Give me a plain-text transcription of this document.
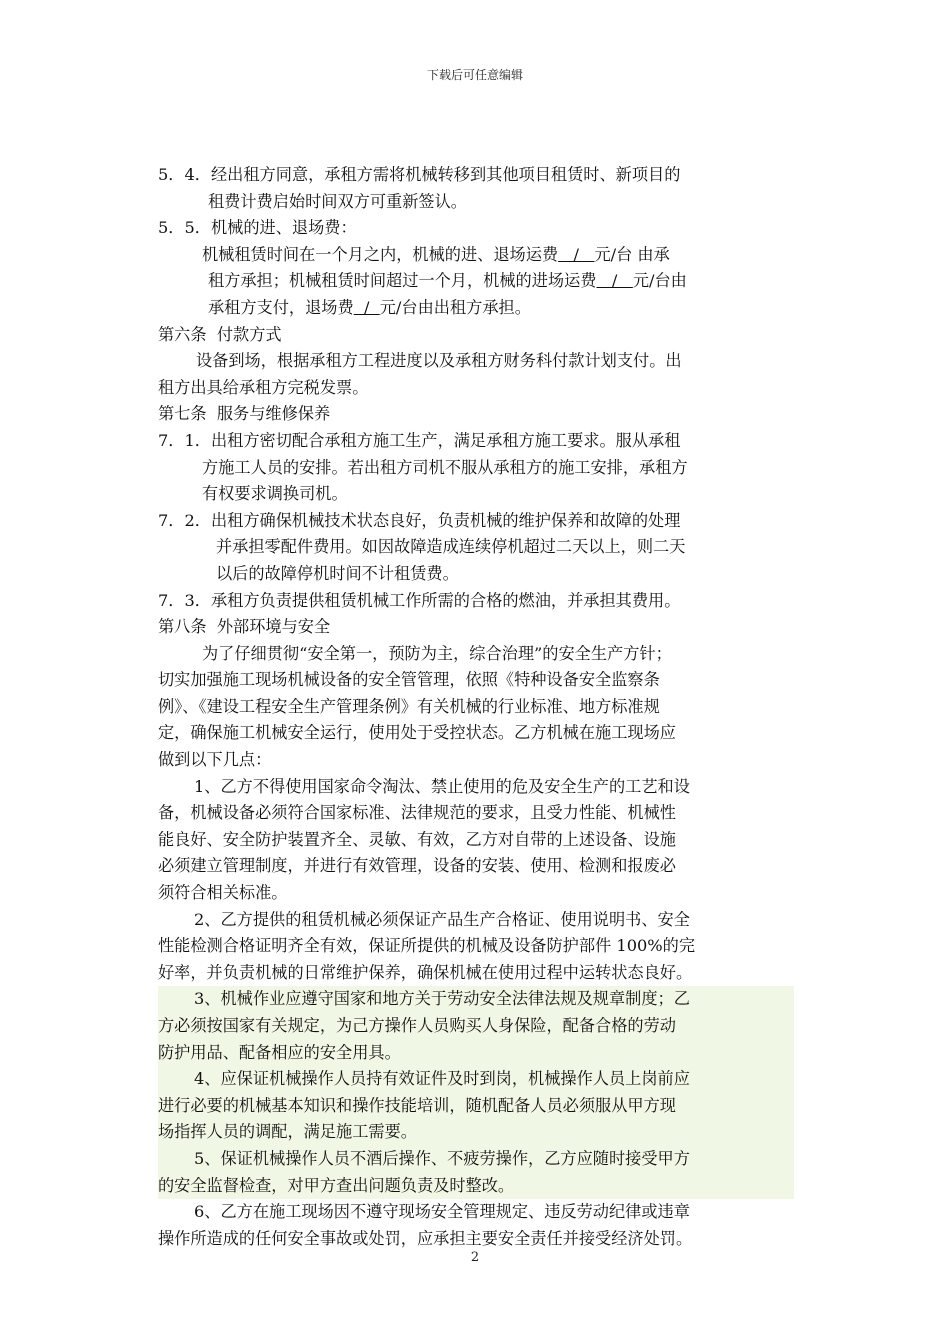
下载后可任意编辑
5．4．经出租方同意，承租方需将机械转移到其他项目租赁时、新项目的
租费计费启始时间双方可重新签认。
5．5．机械的进、退场费：
机械租赁时间在一个月之内，机械的进、退场运费   /   元/台 由承
租方承担；机械租赁时间超过一个月，机械的进场运费   /   元/台由
承租方支付，退场费  /  元/台由出租方承担。
第六条  付款方式
设备到场，根据承租方工程进度以及承租方财务科付款计划支付。出
租方出具给承租方完税发票。
第七条  服务与维修保养
7．1．出租方密切配合承租方施工生产，满足承租方施工要求。服从承租
方施工人员的安排。若出租方司机不服从承租方的施工安排，承租方
有权要求调换司机。
7．2．出租方确保机械技术状态良好，负责机械的维护保养和故障的处理
并承担零配件费用。如因故障造成连续停机超过二天以上，则二天
以后的故障停机时间不计租赁费。
7．3．承租方负责提供租赁机械工作所需的合格的燃油，并承担其费用。
第八条  外部环境与安全
为了仔细贯彻“安全第一，预防为主，综合治理”的安全生产方针；
切实加强施工现场机械设备的安全管管理，依照《特种设备安全监察条
例》、《建设工程安全生产管理条例》有关机械的行业标准、地方标准规
定，确保施工机械安全运行，使用处于受控状态。乙方机械在施工现场应
做到以下几点：
1、乙方不得使用国家命令淘汰、禁止使用的危及安全生产的工艺和设
备，机械设备必须符合国家标准、法律规范的要求，且受力性能、机械性
能良好、安全防护装置齐全、灵敏、有效，乙方对自带的上述设备、设施
必须建立管理制度，并进行有效管理，设备的安装、使用、检测和报废必
须符合相关标准。
2、乙方提供的租赁机械必须保证产品生产合格证、使用说明书、安全
性能检测合格证明齐全有效，保证所提供的机械及设备防护部件 100%的完
好率，并负责机械的日常维护保养，确保机械在使用过程中运转状态良好。
3、机械作业应遵守国家和地方关于劳动安全法律法规及规章制度；乙
方必须按国家有关规定，为己方操作人员购买人身保险，配备合格的劳动
防护用品、配备相应的安全用具。
4、应保证机械操作人员持有效证件及时到岗，机械操作人员上岗前应
进行必要的机械基本知识和操作技能培训，随机配备人员必须服从甲方现
场指挥人员的调配，满足施工需要。
5、保证机械操作人员不酒后操作、不疲劳操作，乙方应随时接受甲方
的安全监督检查，对甲方查出问题负责及时整改。
6、乙方在施工现场因不遵守现场安全管理规定、违反劳动纪律或违章
操作所造成的任何安全事故或处罚，应承担主要安全责任并接受经济处罚。
2
